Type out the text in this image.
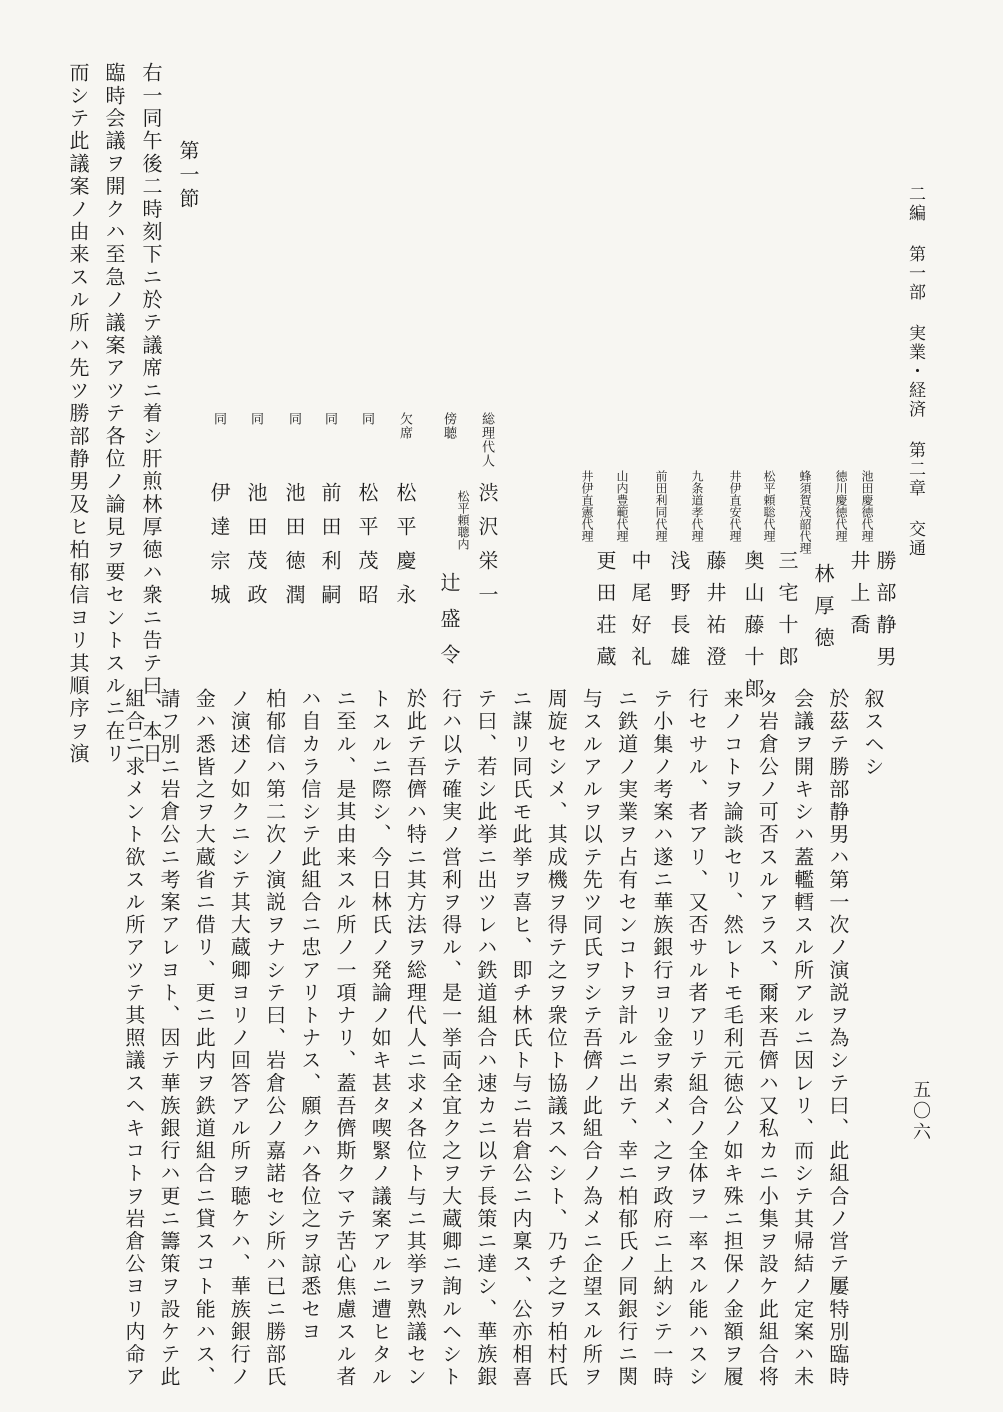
二編 第一部 実業・経済 第二章 交通
五〇六
勝部静男
池田慶徳代理
井上喬
徳川慶徳代理
林厚徳
蜂須賀茂韶代理
三宅十郎
松平頼聡代理
奥山藤十郎
井伊直安代理
藤井祐澄
九条道孝代理
浅野長雄
前田利同代理
中尾好礼
山内豊範代理
更田荘蔵
井伊直憲代理
総理代人
渋沢栄一
傍聴
松平頼聰内
辻盛令
欠席
松平慶永
同
松平茂昭
同
前田利嗣
同
池田徳潤
同
池田茂政
同
伊達宗城
第一節
右一同午後二時刻下ニ於テ議席ニ着シ肝煎林厚徳ハ衆ニ告テ曰、本日
臨時会議ヲ開クハ至急ノ議案アツテ各位ノ論見ヲ要セントスルニ在リ
而シテ此議案ノ由来スル所ハ先ツ勝部静男及ヒ柏郁信ヨリ其順序ヲ演	叙スヘシ
於茲テ勝部静男ハ第一次ノ演説ヲ為シテ曰、此組合ノ営テ屢特別臨時
会議ヲ開キシハ蓋轞轌スル所アルニ因レリ、而シテ其帰結ノ定案ハ未
タ岩倉公ノ可否スルアラス、爾来吾儕ハ又私カニ小集ヲ設ケ此組合将
来ノコトヲ論談セリ、然レトモ毛利元徳公ノ如キ殊ニ担保ノ金額ヲ履
行セサル、者アリ、又否サル者アリテ組合ノ全体ヲ一率スル能ハスシ
テ小集ノ考案ハ遂ニ華族銀行ヨリ金ヲ索メ、之ヲ政府ニ上納シテ一時
ニ鉄道ノ実業ヲ占有センコトヲ計ルニ出テ、幸ニ柏郁氏ノ同銀行ニ関
与スルアルヲ以テ先ツ同氏ヲシテ吾儕ノ此組合ノ為メニ企望スル所ヲ
周旋セシメ、其成機ヲ得テ之ヲ衆位ト協議スヘシト、乃チ之ヲ柏村氏
ニ謀リ同氏モ此挙ヲ喜ヒ、即チ林氏ト与ニ岩倉公ニ内稟ス、公亦相喜
テ曰、若シ此挙ニ出ツレハ鉄道組合ハ速カニ以テ長策ニ達シ、華族銀
行ハ以テ確実ノ営利ヲ得ル、是一挙両全宜ク之ヲ大蔵卿ニ詢ルヘシト
於此テ吾儕ハ特ニ其方法ヲ総理代人ニ求メ各位ト与ニ其挙ヲ熟議セン
トスルニ際シ、今日林氏ノ発論ノ如キ甚タ喫緊ノ議案アルニ遭ヒタル
ニ至ル、是其由来スル所ノ一項ナリ、蓋吾儕斯クマテ苦心焦慮スル者
ハ自カラ信シテ此組合ニ忠アリトナス、願クハ各位之ヲ諒悉セヨ
柏郁信ハ第二次ノ演説ヲナシテ曰、岩倉公ノ嘉諾セシ所ハ已ニ勝部氏
ノ演述ノ如クニシテ其大蔵卿ヨリノ回答アル所ヲ聴ケハ、華族銀行ノ
金ハ悉皆之ヲ大蔵省ニ借リ、更ニ此内ヲ鉄道組合ニ貸スコト能ハス、
請フ別ニ岩倉公ニ考案アレヨト、因テ華族銀行ハ更ニ籌策ヲ設ケテ此
組合ニ求メント欲スル所アツテ其照議スヘキコトヲ岩倉公ヨリ内命ア
